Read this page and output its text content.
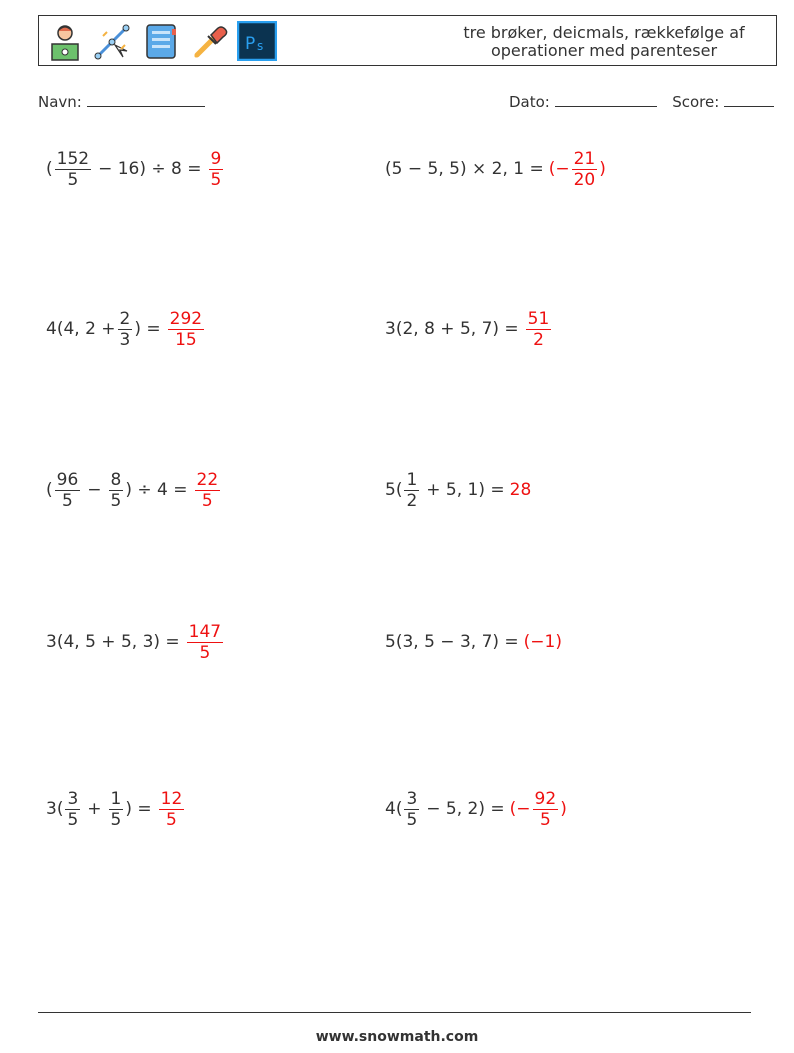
P s
tre brøker, deicmals, rækkefølge af
operationer med parenteser
Navn:	Dato:	Score:
( $\frac{152}{5} - 16) \div 8 = \frac{9}{5}$	(5 − 5, 5) × 2, 1 = (− $\frac{21}{20}$ )
4(4, $2 + \frac{2}{3}$ ) = $\frac{292}{15}$	3(2, 8 + 5, $7) = \frac{51}{2}$
( $\frac{96}{5} - \frac{8}{5}$ ) ÷ $4 = \frac{22}{5}$	$5( \frac{1}{2} + 5$, 1) = 28
3(4, 5 + 5, $3) = \frac{147}{5}$	5(3, 5 − 3, 7) = (−1)
$3( \frac{3}{5} + \frac{1}{5}$ ) = $\frac{12}{5}$	$4( \frac{3}{5} - 5$, 2) = (− $\frac{92}{5}$ )
www.snowmath.com
